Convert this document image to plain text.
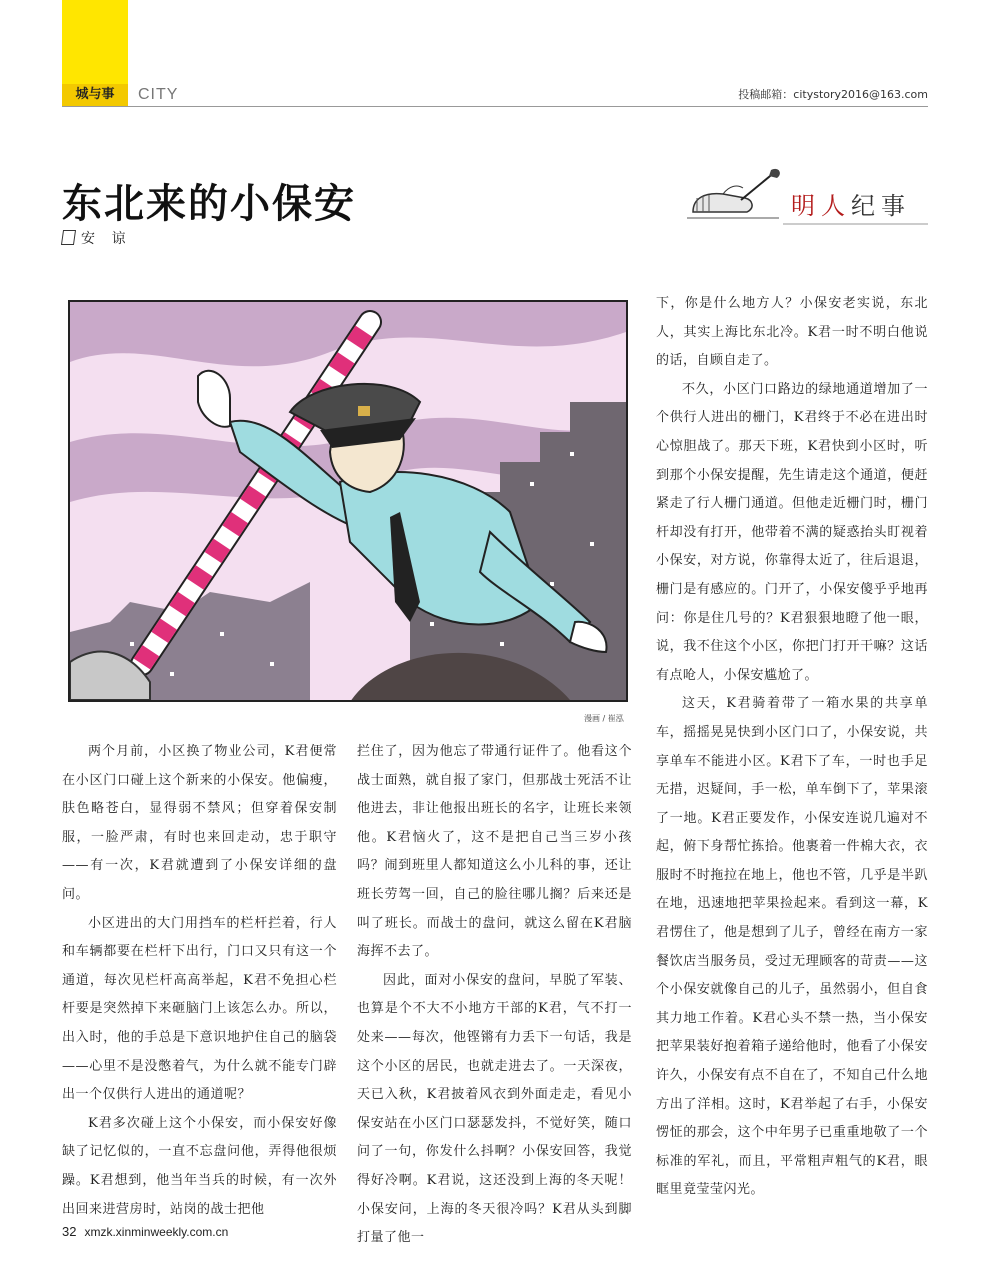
城与事	CITY	投稿邮箱：citystory2016@163.com
东北来的小保安
安 谅
明人纪事
漫画 / 崔泓

两个月前，小区换了物业公司，K君便常在小区门口碰上这个新来的小保安。他偏瘦，肤色略苍白，显得弱不禁风；但穿着保安制服，一脸严肃，有时也来回走动，忠于职守——有一次，K君就遭到了小保安详细的盘问。

小区进出的大门用挡车的栏杆拦着，行人和车辆都要在栏杆下出行，门口又只有这一个通道，每次见栏杆高高举起，K君不免担心栏杆要是突然掉下来砸脑门上该怎么办。所以，出入时，他的手总是下意识地护住自己的脑袋——心里不是没憋着气，为什么就不能专门辟出一个仅供行人进出的通道呢？

K君多次碰上这个小保安，而小保安好像缺了记忆似的，一直不忘盘问他，弄得他很烦躁。K君想到，他当年当兵的时候，有一次外出回来进营房时，站岗的战士把他

拦住了，因为他忘了带通行证件了。他看这个战士面熟，就自报了家门，但那战士死活不让他进去，非让他报出班长的名字，让班长来领他。K君恼火了，这不是把自己当三岁小孩吗？闹到班里人都知道这么小儿科的事，还让班长劳驾一回，自己的脸往哪儿搁？后来还是叫了班长。而战士的盘问，就这么留在K君脑海挥不去了。

因此，面对小保安的盘问，早脱了军装、也算是个不大不小地方干部的K君，气不打一处来——每次，他铿锵有力丢下一句话，我是这个小区的居民，也就走进去了。一天深夜，天已入秋，K君披着风衣到外面走走，看见小保安站在小区门口瑟瑟发抖，不觉好笑，随口问了一句，你发什么抖啊？小保安回答，我觉得好冷啊。K君说，这还没到上海的冬天呢！小保安问，上海的冬天很冷吗？K君从头到脚打量了他一

下，你是什么地方人？小保安老实说，东北人，其实上海比东北冷。K君一时不明白他说的话，自顾自走了。

不久，小区门口路边的绿地通道增加了一个供行人进出的栅门，K君终于不必在进出时心惊胆战了。那天下班，K君快到小区时，听到那个小保安提醒，先生请走这个通道，便赶紧走了行人栅门通道。但他走近栅门时，栅门杆却没有打开，他带着不满的疑惑抬头盯视着小保安，对方说，你靠得太近了，往后退退，栅门是有感应的。门开了，小保安傻乎乎地再问：你是住几号的？K君狠狠地瞪了他一眼，说，我不住这个小区，你把门打开干嘛？这话有点呛人，小保安尴尬了。

这天，K君骑着带了一箱水果的共享单车，摇摇晃晃快到小区门口了，小保安说，共享单车不能进小区。K君下了车，一时也手足无措，迟疑间，手一松，单车倒下了，苹果滚了一地。K君正要发作，小保安连说几遍对不起，俯下身帮忙拣拾。他裹着一件棉大衣，衣服时不时拖拉在地上，他也不管，几乎是半趴在地，迅速地把苹果捡起来。看到这一幕，K君愣住了，他是想到了儿子，曾经在南方一家餐饮店当服务员，受过无理顾客的苛责——这个小保安就像自己的儿子，虽然弱小，但自食其力地工作着。K君心头不禁一热，当小保安把苹果装好抱着箱子递给他时，他看了小保安许久，小保安有点不自在了，不知自己什么地方出了洋相。这时，K君举起了右手，小保安愣怔的那会，这个中年男子已重重地敬了一个标准的军礼，而且，平常粗声粗气的K君，眼眶里竟莹莹闪光。

32 xmzk.xinminweekly.com.cn
